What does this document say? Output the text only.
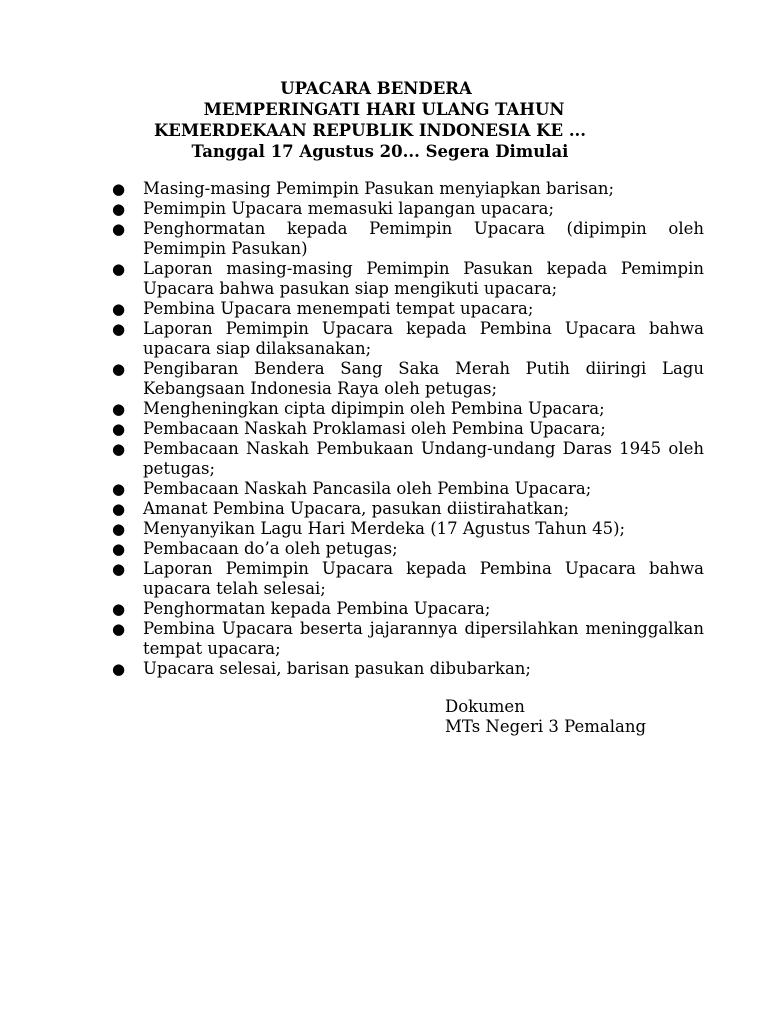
UPACARA BENDERA
MEMPERINGATI HARI ULANG TAHUN
KEMERDEKAAN REPUBLIK INDONESIA KE ...
Tanggal 17 Agustus 20... Segera Dimulai
● Masing-masing Pemimpin Pasukan menyiapkan barisan;
● Pemimpin Upacara memasuki lapangan upacara;
● Penghormatan kepada Pemimpin Upacara (dipimpin oleh Pemimpin Pasukan)
● Laporan masing-masing Pemimpin Pasukan kepada Pemimpin Upacara bahwa pasukan siap mengikuti upacara;
● Pembina Upacara menempati tempat upacara;
● Laporan Pemimpin Upacara kepada Pembina Upacara bahwa upacara siap dilaksanakan;
● Pengibaran Bendera Sang Saka Merah Putih diiringi Lagu Kebangsaan Indonesia Raya oleh petugas;
● Mengheningkan cipta dipimpin oleh Pembina Upacara;
● Pembacaan Naskah Proklamasi oleh Pembina Upacara;
● Pembacaan Naskah Pembukaan Undang-undang Daras 1945 oleh petugas;
● Pembacaan Naskah Pancasila oleh Pembina Upacara;
● Amanat Pembina Upacara, pasukan diistirahatkan;
● Menyanyikan Lagu Hari Merdeka (17 Agustus Tahun 45);
● Pembacaan do’a oleh petugas;
● Laporan Pemimpin Upacara kepada Pembina Upacara bahwa upacara telah selesai;
● Penghormatan kepada Pembina Upacara;
● Pembina Upacara beserta jajarannya dipersilahkan meninggalkan tempat upacara;
● Upacara selesai, barisan pasukan dibubarkan;
Dokumen
MTs Negeri 3 Pemalang
